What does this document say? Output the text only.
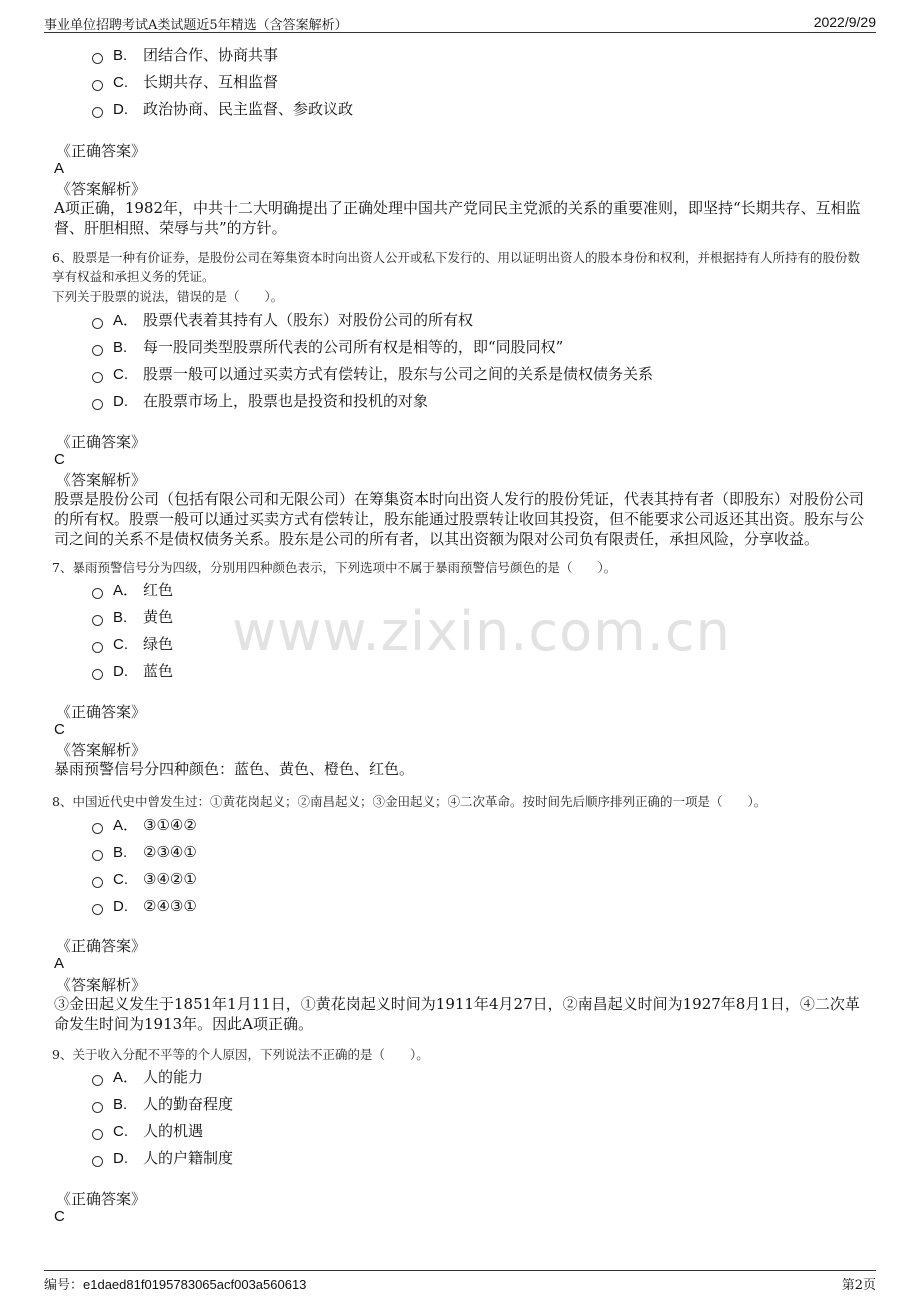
事业单位招聘考试A类试题近5年精选（含答案解析）	2022/9/29
www.zixin.com.cn
B. 团结合作、协商共事
C. 长期共存、互相监督
D. 政治协商、民主监督、参政议政
《正确答案》
A
《答案解析》
A项正确，1982年，中共十二大明确提出了正确处理中国共产党同民主党派的关系的重要准则，即坚持“长期共存、互相监督、肝胆相照、荣辱与共”的方针。
6、股票是一种有价证券，是股份公司在筹集资本时向出资人公开或私下发行的、用以证明出资人的股本身份和权利，并根据持有人所持有的股份数享有权益和承担义务的凭证。
下列关于股票的说法，错误的是（　　）。
A． 股票代表着其持有人（股东）对股份公司的所有权
B. 每一股同类型股票所代表的公司所有权是相等的，即“同股同权”
C. 股票一般可以通过买卖方式有偿转让，股东与公司之间的关系是债权债务关系
D. 在股票市场上，股票也是投资和投机的对象
《正确答案》
C
《答案解析》
股票是股份公司（包括有限公司和无限公司）在筹集资本时向出资人发行的股份凭证，代表其持有者（即股东）对股份公司的所有权。股票一般可以通过买卖方式有偿转让，股东能通过股票转让收回其投资，但不能要求公司返还其出资。股东与公司之间的关系不是债权债务关系。股东是公司的所有者，以其出资额为限对公司负有限责任，承担风险，分享收益。
7、暴雨预警信号分为四级，分别用四种颜色表示，下列选项中不属于暴雨预警信号颜色的是（　　）。
A． 红色
B. 黄色
C. 绿色
D. 蓝色
《正确答案》
C
《答案解析》
暴雨预警信号分四种颜色：蓝色、黄色、橙色、红色。
8、中国近代史中曾发生过：①黄花岗起义；②南昌起义；③金田起义；④二次革命。按时间先后顺序排列正确的一项是（　　）。
A． ③①④②
B. ②③④①
C. ③④②①
D. ②④③①
《正确答案》
A
《答案解析》
③金田起义发生于1851年1月11日，①黄花岗起义时间为1911年4月27日，②南昌起义时间为1927年8月1日，④二次革命发生时间为1913年。因此A项正确。
9、关于收入分配不平等的个人原因，下列说法不正确的是（　　）。
A． 人的能力
B. 人的勤奋程度
C. 人的机遇
D. 人的户籍制度
《正确答案》
C
编号：e1daed81f0195783065acf003a560613	第2页
